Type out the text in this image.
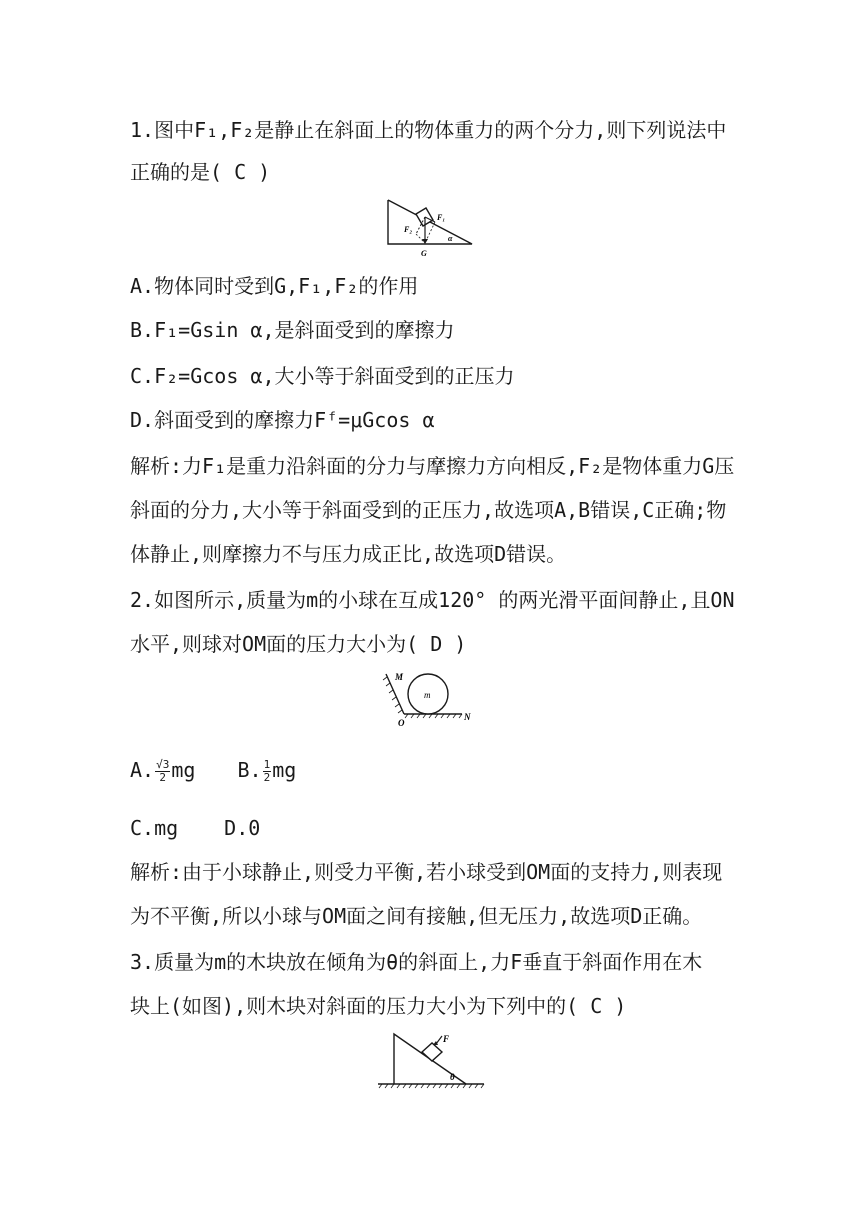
1.图中F₁,F₂是静止在斜面上的物体重力的两个分力,则下列说法中
正确的是( C )
F₁
F₂
G
α
A.物体同时受到G,F₁,F₂的作用
B.F₁=Gsin α,是斜面受到的摩擦力
C.F₂=Gcos α,大小等于斜面受到的正压力
D.斜面受到的摩擦力Fᶠ=μGcos α
解析:力F₁是重力沿斜面的分力与摩擦力方向相反,F₂是物体重力G压
斜面的分力,大小等于斜面受到的正压力,故选项A,B错误,C正确;物
体静止,则摩擦力不与压力成正比,故选项D错误。
2.如图所示,质量为m的小球在互成120° 的两光滑平面间静止,且ON
水平,则球对OM面的压力大小为( D )
m
M
O
N
A. $\frac{√3}{2}$ mg B. $\frac{1}{2}$ mg
C.mg D.0
解析:由于小球静止,则受力平衡,若小球受到OM面的支持力,则表现
为不平衡,所以小球与OM面之间有接触,但无压力,故选项D正确。
3.质量为m的木块放在倾角为θ的斜面上,力F垂直于斜面作用在木
块上(如图),则木块对斜面的压力大小为下列中的( C )
F
θ
